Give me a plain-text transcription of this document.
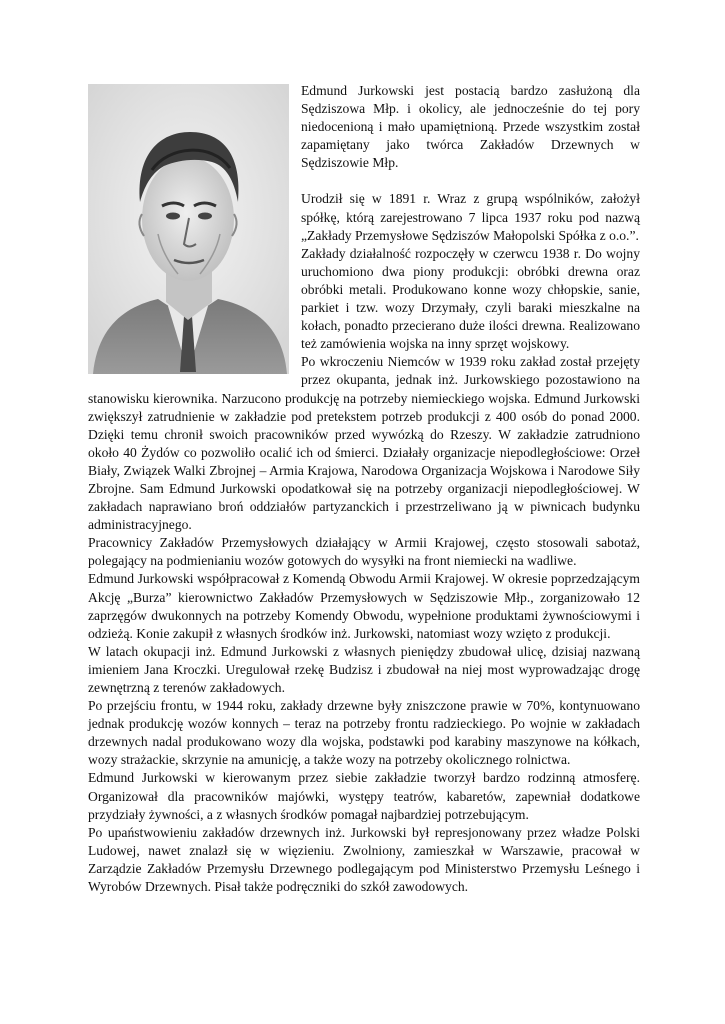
Edmund Jurkowski jest postacią bardzo zasłużoną dla Sędziszowa Młp. i okolicy, ale jednocześnie do tej pory niedocenioną i mało upamiętnioną. Przede wszystkim został zapamiętany jako twórca Zakładów Drzewnych w Sędziszowie Młp.

Urodził się w 1891 r. Wraz z grupą wspólników, założył spółkę, którą zarejestrowano 7 lipca 1937 roku pod nazwą „Zakłady Przemysłowe Sędziszów Małopolski Spółka z o.o.”.

Zakłady działalność rozpoczęły w czerwcu 1938 r. Do wojny uruchomiono dwa piony produkcji: obróbki drewna oraz obróbki metali. Produkowano konne wozy chłopskie, sanie, parkiet i tzw. wozy Drzymały, czyli baraki mieszkalne na kołach, ponadto przecierano duże ilości drewna. Realizowano też zamówienia wojska na inny sprzęt wojskowy.

Po wkroczeniu Niemców w 1939 roku zakład został przejęty przez okupanta, jednak inż. Jurkowskiego pozostawiono na stanowisku kierownika. Narzucono produkcję na potrzeby niemieckiego wojska. Edmund Jurkowski zwiększył zatrudnienie w zakładzie pod pretekstem potrzeb produkcji z 400 osób do ponad 2000. Dzięki temu chronił swoich pracowników przed wywózką do Rzeszy. W zakładzie zatrudniono około 40 Żydów co pozwoliło ocalić ich od śmierci. Działały organizacje niepodległościowe: Orzeł Biały, Związek Walki Zbrojnej – Armia Krajowa, Narodowa Organizacja Wojskowa i Narodowe Siły Zbrojne. Sam Edmund Jurkowski opodatkował się na potrzeby organizacji niepodległościowej. W zakładach naprawiano broń oddziałów partyzanckich i przestrzeliwano ją w piwnicach budynku administracyjnego.

Pracownicy Zakładów Przemysłowych działający w Armii Krajowej, często stosowali sabotaż, polegający na podmienianiu wozów gotowych do wysyłki na front niemiecki na wadliwe.

Edmund Jurkowski współpracował z Komendą Obwodu Armii Krajowej. W okresie poprzedzającym Akcję „Burza” kierownictwo Zakładów Przemysłowych w Sędziszowie Młp., zorganizowało 12 zaprzęgów dwukonnych na potrzeby Komendy Obwodu, wypełnione produktami żywnościowymi i odzieżą. Konie zakupił z własnych środków inż. Jurkowski, natomiast wozy wzięto z produkcji.

W latach okupacji inż. Edmund Jurkowski z własnych pieniędzy zbudował ulicę, dzisiaj nazwaną imieniem Jana Kroczki. Uregulował rzekę Budzisz i zbudował na niej most wyprowadzając drogę zewnętrzną z terenów zakładowych.

Po przejściu frontu, w 1944 roku, zakłady drzewne były zniszczone prawie w 70%, kontynuowano jednak produkcję wozów konnych – teraz na potrzeby frontu radzieckiego. Po wojnie w zakładach drzewnych nadal produkowano wozy dla wojska, podstawki pod karabiny maszynowe na kółkach, wozy strażackie, skrzynie na amunicję, a także wozy na potrzeby okolicznego rolnictwa.

Edmund Jurkowski w kierowanym przez siebie zakładzie tworzył bardzo rodzinną atmosferę. Organizował dla pracowników majówki, występy teatrów, kabaretów, zapewniał dodatkowe przydziały żywności, a z własnych środków pomagał najbardziej potrzebującym.

Po upaństwowieniu zakładów drzewnych inż. Jurkowski był represjonowany przez władze Polski Ludowej, nawet znalazł się w więzieniu. Zwolniony, zamieszkał w Warszawie, pracował w Zarządzie Zakładów Przemysłu Drzewnego podlegającym pod Ministerstwo Przemysłu Leśnego i Wyrobów Drzewnych. Pisał także podręczniki do szkół zawodowych.
